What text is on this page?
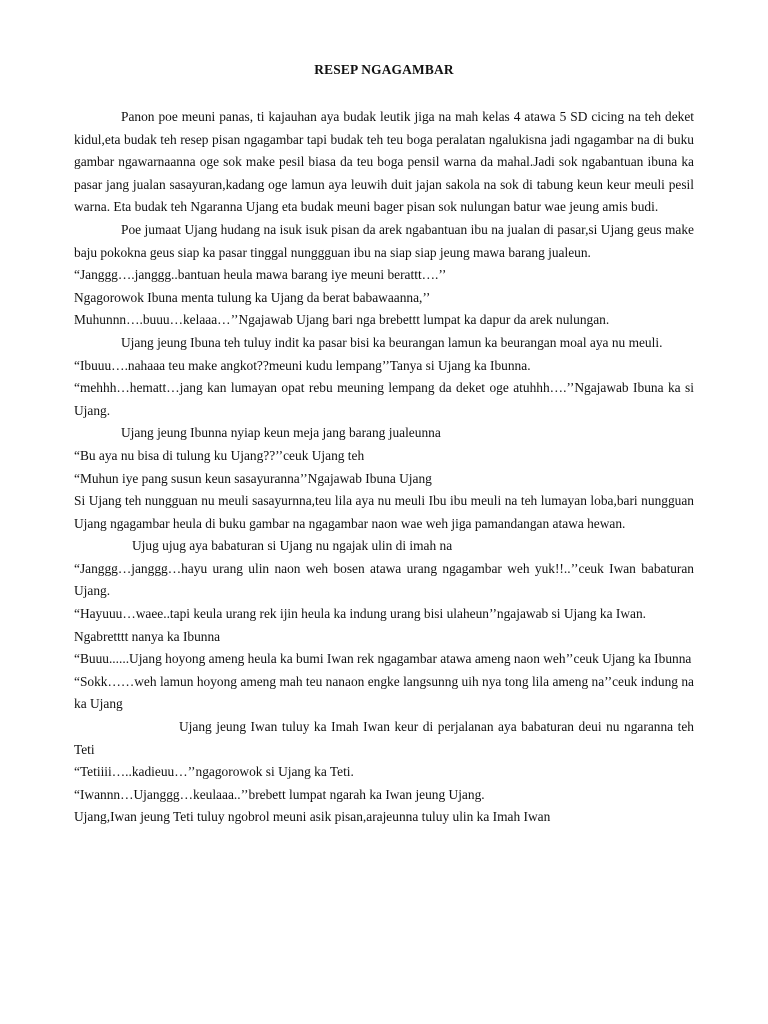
RESEP NGAGAMBAR

Panon poe meuni panas, ti kajauhan aya budak leutik jiga na mah kelas 4 atawa 5 SD cicing na teh deket kidul,eta budak teh resep pisan ngagambar tapi budak teh teu boga peralatan ngalukisna jadi ngagambar na di buku gambar ngawarnaanna oge sok make pesil biasa da teu boga pensil warna da mahal.Jadi sok ngabantuan ibuna ka pasar jang jualan sasayuran,kadang oge lamun aya leuwih duit jajan sakola na sok di tabung keun keur meuli pesil warna. Eta budak teh Ngaranna Ujang eta budak meuni bager pisan sok nulungan batur wae jeung amis budi.

Poe jumaat Ujang hudang na isuk isuk pisan da arek ngabantuan ibu na jualan di pasar,si Ujang geus make baju pokokna geus siap ka pasar tinggal nunggguan ibu na siap siap jeung mawa barang jualeun.

“Janggg….janggg..bantuan heula mawa barang iye meuni berattt….’’

Ngagorowok Ibuna menta tulung ka Ujang da berat babawaanna,’’

Muhunnn….buuu…kelaaa…’’Ngajawab Ujang bari nga brebettt lumpat ka dapur da arek nulungan.

Ujang jeung Ibuna teh tuluy indit ka pasar bisi ka beurangan lamun ka beurangan moal aya nu meuli.

“Ibuuu….nahaaa teu make angkot??meuni kudu lempang’’Tanya si Ujang ka Ibunna.

“mehhh…hematt…jang kan lumayan opat rebu meuning lempang da deket oge atuhhh….’’Ngajawab Ibuna ka si Ujang.

Ujang jeung Ibunna nyiap keun meja jang barang jualeunna

“Bu aya nu bisa di tulung ku Ujang??’’ceuk Ujang teh

“Muhun iye pang susun keun sasayuranna’’Ngajawab Ibuna Ujang

Si Ujang teh nungguan nu meuli sasayurnna,teu lila aya nu meuli Ibu ibu meuli na teh lumayan loba,bari nungguan Ujang ngagambar heula di buku gambar na ngagambar naon wae weh jiga pamandangan atawa hewan.

Ujug ujug aya babaturan si Ujang nu ngajak ulin di imah na

“Janggg…janggg…hayu urang ulin naon weh bosen atawa urang ngagambar weh yuk!!..’’ceuk Iwan babaturan Ujang.

“Hayuuu…waee..tapi keula urang rek ijin heula ka indung urang bisi ulaheun’’ngajawab si Ujang ka Iwan.

Ngabretttt nanya ka Ibunna

“Buuu......Ujang hoyong ameng heula ka bumi Iwan rek ngagambar atawa ameng naon weh’’ceuk Ujang ka Ibunna

“Sokk……weh lamun hoyong ameng mah teu nanaon engke langsunng uih nya tong lila ameng na’’ceuk indung na ka Ujang

Ujang jeung Iwan tuluy ka Imah Iwan keur di perjalanan aya babaturan deui nu ngaranna teh Teti

“Tetiiii…..kadieuu…’’ngagorowok si Ujang ka Teti.

“Iwannn…Ujanggg…keulaaa..’’brebett lumpat ngarah ka Iwan jeung Ujang.

Ujang,Iwan jeung Teti tuluy ngobrol meuni asik pisan,arajeunna tuluy ulin ka Imah Iwan
